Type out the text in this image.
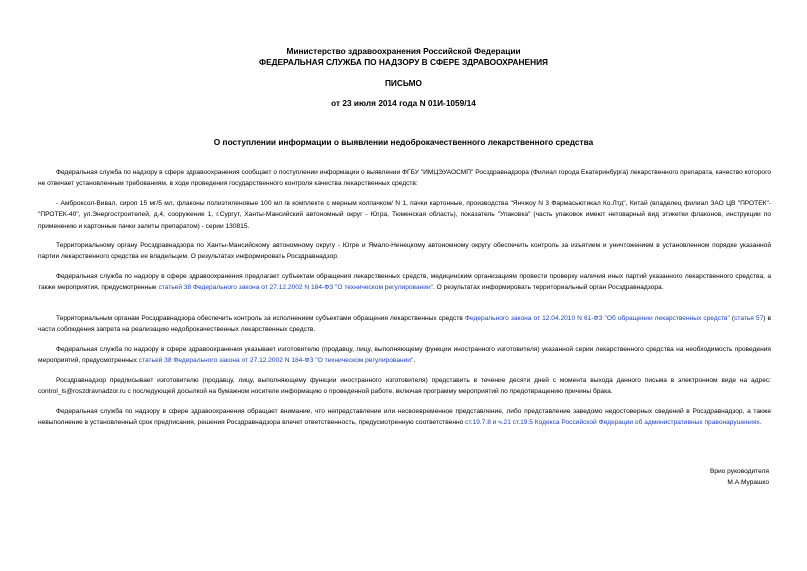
Министерство здравоохранения Российской Федерации
ФЕДЕРАЛЬНАЯ СЛУЖБА ПО НАДЗОРУ В СФЕРЕ ЗДРАВООХРАНЕНИЯ
ПИСЬМО
от 23 июля 2014 года N 01И-1059/14
О поступлении информации о выявлении недоброкачественного лекарственного средства
Федеральная служба по надзору в сфере здравоохранения сообщает о поступлении информации о выявлении ФГБУ "ИМЦЭУАОСМП" Росздравнадзора (Филиал города Екатеринбурга) лекарственного препарата, качество которого не отвечает установленным требованиям, в ходе проведения государственного контроля качества лекарственных средств:
- Амброксол-Вивал, сироп 15 мг/5 мл, флаконы полиэтиленовые 100 мл /в комплекте с мерным колпачком/ N 1, пачки картонные, производства "Янчжоу N 3 Фармасьютикал Ко.Лтд", Китай (владелец филиал ЗАО ЦВ "ПРОТЕК"-"ПРОТЕК-40", ул.Энергостроителей, д.4, сооружение 1, г.Сургут, Ханты-Мансийский автономный округ - Югра, Тюменская область), показатель "Упаковка" (часть упаковок имеют нетоварный вид этикетки флаконов, инструкции по применению и картонные пачки залиты препаратом) - серии 130815.
Территориальному органу Росздравнадзора по Ханты-Мансийскому автономному округу - Югре и Ямало-Ненецкому автономному округу обеспечить контроль за изъятием и уничтожением в установленном порядке указанной партии лекарственного средства ее владельцем. О результатах информировать Росздравнадзор.
Федеральная служба по надзору в сфере здравоохранения предлагает субъектам обращения лекарственных средств, медицинским организациям провести проверку наличия иных партий указанного лекарственного средства, а также мероприятия, предусмотренные статьей 38 Федерального закона от 27.12.2002 N 184-ФЗ "О техническом регулировании". О результатах информировать территориальный орган Росздравнадзора.
Территориальным органам Росздравнадзора обеспечить контроль за исполнением субъектами обращения лекарственных средств Федерального закона от 12.04.2010 N 61-ФЗ "Об обращении лекарственных средств" (статья 57) в части соблюдения запрета на реализацию недоброкачественных лекарственных средств.
Федеральная служба по надзору в сфере здравоохранения указывает изготовителю (продавцу, лицу, выполняющему функции иностранного изготовителя) указанной серии лекарственного средства на необходимость проведения мероприятий, предусмотренных статьей 38 Федерального закона от 27.12.2002 N 184-ФЗ "О техническом регулировании".
Росздравнадзор предписывает изготовителю (продавцу, лицу, выполняющему функции иностранного изготовителя) представить в течение десяти дней с момента выхода данного письма в электронном виде на адрес: control_ls@roszdravnadzor.ru с последующей досылкой на бумажном носителе информацию о проведенной работе, включая программу мероприятий по предотвращению причины брака.
Федеральная служба по надзору в сфере здравоохранения обращает внимание, что непредставление или несвоевременное представление, либо представление заведомо недостоверных сведений в Росздравнадзор, а также невыполнение в установленный срок предписания, решения Росздравнадзора влечет ответственность, предусмотренную соответственно ст.19.7.8 и ч.21 ст.19.5 Кодекса Российской Федерации об административных правонарушениях.
Врио руководителя
М.А.Мурашко
